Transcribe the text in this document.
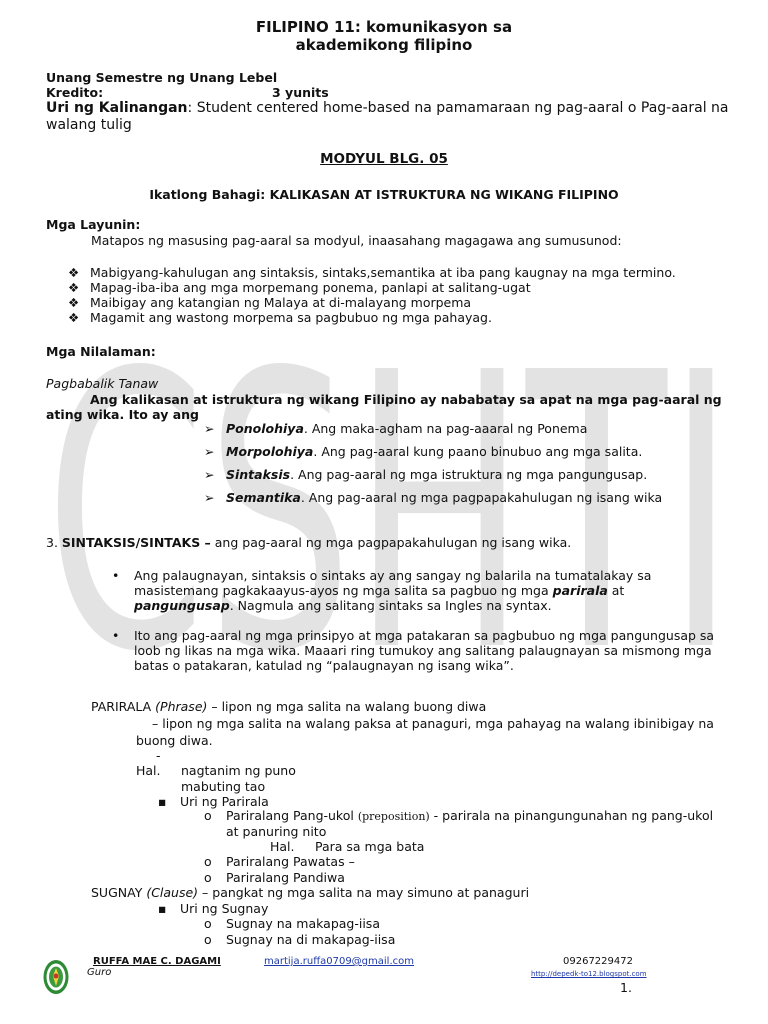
CSHTI
FILIPINO 11: komunikasyon sa
akademikong filipino
Unang Semestre ng Unang Lebel
Kredito:	3 yunits
Uri ng Kalinangan: Student centered home-based na pamamaraan ng pag-aaral o Pag-aaral na walang tulig
MODYUL BLG. 05
Ikatlong Bahagi: KALIKASAN AT ISTRUKTURA NG WIKANG FILIPINO
Mga Layunin:
Matapos ng masusing pag-aaral sa modyul, inaasahang magagawa ang sumusunod:
❖ Mabigyang-kahulugan ang sintaksis, sintaks,semantika at iba pang kaugnay na mga termino.
❖ Mapag-iba-iba ang mga morpemang ponema, panlapi at salitang-ugat
❖ Maibigay ang katangian ng Malaya at di-malayang morpema
❖ Magamit ang wastong morpema sa pagbubuo ng mga pahayag.
Mga Nilalaman:
Pagbabalik Tanaw
Ang kalikasan at istruktura ng wikang Filipino ay nababatay sa apat na mga pag-aaral ng ating wika. Ito ay ang
➢ Ponolohiya. Ang maka-agham na pag-aaaral ng Ponema
➢ Morpolohiya. Ang pag-aaral kung paano binubuo ang mga salita.
➢ Sintaksis. Ang pag-aaral ng mga istruktura ng mga pangungusap.
➢ Semantika. Ang pag-aaral ng mga pagpapakahulugan ng isang wika
3. SINTAKSIS/SINTAKS – ang pag-aaral ng mga pagpapakahulugan ng isang wika.
• Ang palaugnayan, sintaksis o sintaks ay ang sangay ng balarila na tumatalakay sa masistemang pagkakaayus-ayos ng mga salita sa pagbuo ng mga parirala at pangungusap. Nagmula ang salitang sintaks sa Ingles na syntax.
• Ito ang pag-aaral ng mga prinsipyo at mga patakaran sa pagbubuo ng mga pangungusap sa loob ng likas na mga wika. Maaari ring tumukoy ang salitang palaugnayan sa mismong mga batas o patakaran, katulad ng “palaugnayan ng isang wika”.
PARIRALA (Phrase) – lipon ng mga salita na walang buong diwa
– lipon ng mga salita na walang paksa at panaguri, mga pahayag na walang ibinibigay na buong diwa.
-
Hal. nagtanim ng puno
mabuting tao
▪ Uri ng Parirala
o Pariralang Pang-ukol (preposition) - parirala na pinangungunahan ng pang-ukol at panuring nito
Hal. Para sa mga bata
o Pariralang Pawatas –
o Pariralang Pandiwa
SUGNAY (Clause) – pangkat ng mga salita na may simuno at panaguri
▪ Uri ng Sugnay
o Sugnay na makapag-iisa
o Sugnay na di makapag-iisa
RUFFA MAE C. DAGAMI
Guro
martija.ruffa0709@gmail.com	09267229472
http://depedk-to12.blogspot.com
1.
